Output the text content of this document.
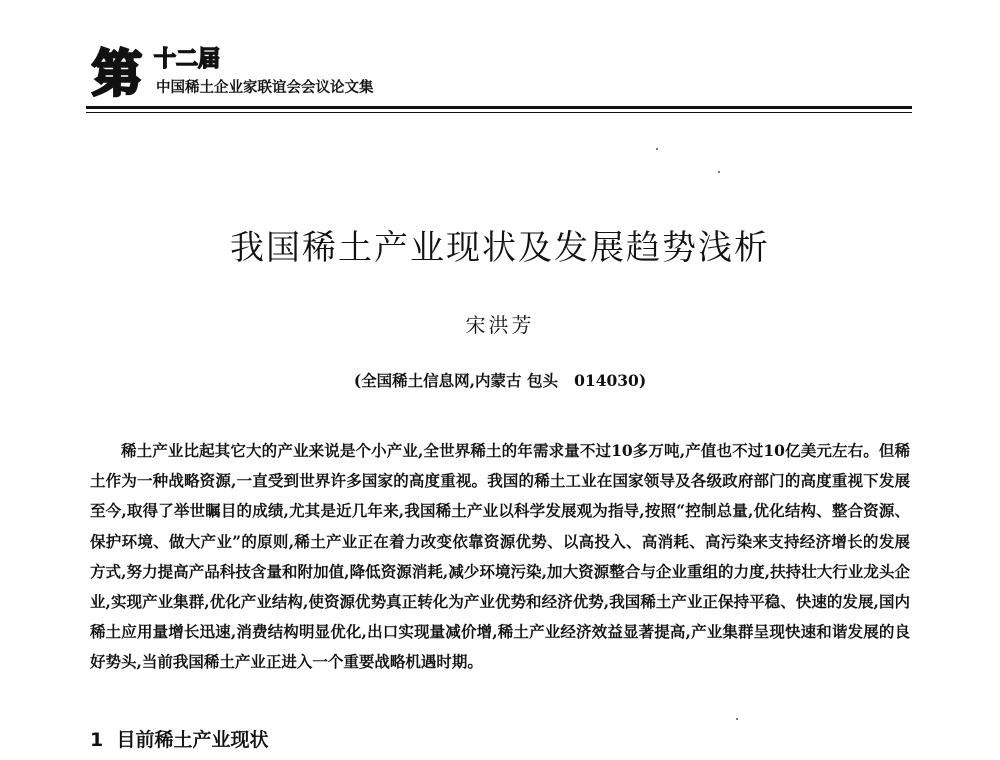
第 十二届
中国稀土企业家联谊会会议论文集
我国稀土产业现状及发展趋势浅析
宋洪芳
(全国稀土信息网,内蒙古 包头   014030)

稀土产业比起其它大的产业来说是个小产业,全世界稀土的年需求量不过10多万吨,产值也不过10亿美元左右。但稀土作为一种战略资源,一直受到世界许多国家的高度重视。我国的稀土工业在国家领导及各级政府部门的高度重视下发展至今,取得了举世瞩目的成绩,尤其是近几年来,我国稀土产业以科学发展观为指导,按照“控制总量,优化结构、整合资源、保护环境、做大产业”的原则,稀土产业正在着力改变依靠资源优势、以高投入、高消耗、高污染来支持经济增长的发展方式,努力提高产品科技含量和附加值,降低资源消耗,减少环境污染,加大资源整合与企业重组的力度,扶持壮大行业龙头企业,实现产业集群,优化产业结构,使资源优势真正转化为产业优势和经济优势,我国稀土产业正保持平稳、快速的发展,国内稀土应用量增长迅速,消费结构明显优化,出口实现量减价增,稀土产业经济效益显著提高,产业集群呈现快速和谐发展的良好势头,当前我国稀土产业正进入一个重要战略机遇时期。

1  目前稀土产业现状
